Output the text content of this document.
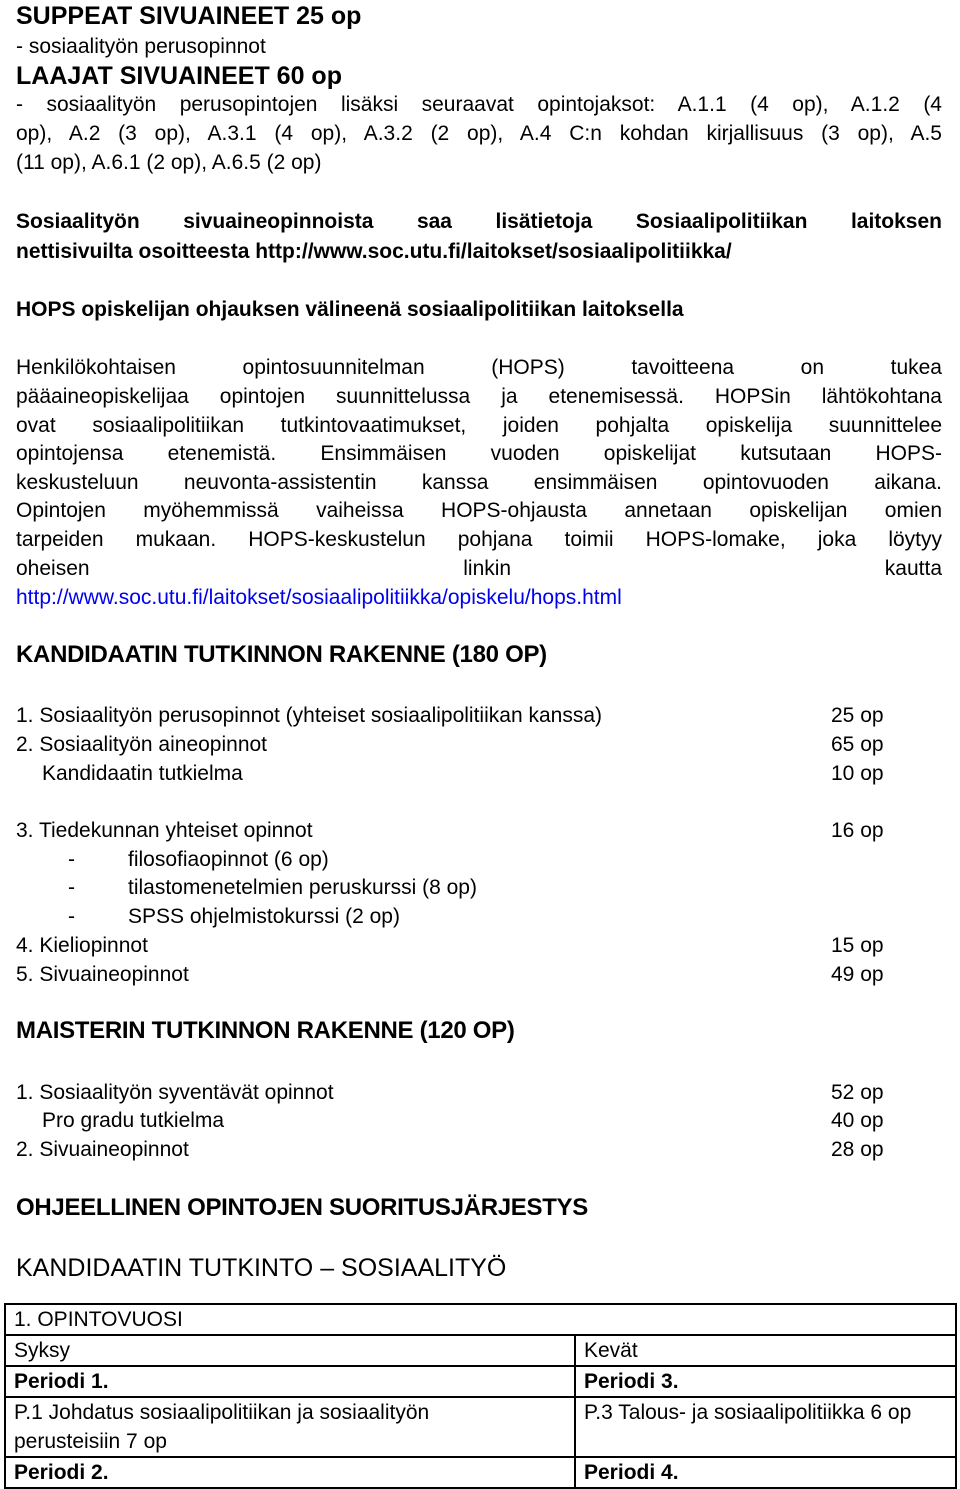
SUPPEAT SIVUAINEET 25 op
- sosiaalityön perusopinnot
LAAJAT SIVUAINEET 60 op
- sosiaalityön perusopintojen lisäksi seuraavat opintojaksot: A.1.1 (4 op), A.1.2 (4
op), A.2 (3 op), A.3.1 (4 op), A.3.2 (2 op), A.4 C:n kohdan kirjallisuus (3 op), A.5
(11 op), A.6.1 (2 op), A.6.5 (2 op)
Sosiaalityön sivuaineopinnoista saa lisätietoja Sosiaalipolitiikan laitoksen
nettisivuilta osoitteesta http://www.soc.utu.fi/laitokset/sosiaalipolitiikka/
HOPS opiskelijan ohjauksen välineenä sosiaalipolitiikan laitoksella
Henkilökohtaisen opintosuunnitelman (HOPS) tavoitteena on tukea
pääaineopiskelijaa opintojen suunnittelussa ja etenemisessä. HOPSin lähtökohtana
ovat sosiaalipolitiikan tutkintovaatimukset, joiden pohjalta opiskelija suunnittelee
opintojensa etenemistä. Ensimmäisen vuoden opiskelijat kutsutaan HOPS-
keskusteluun neuvonta-assistentin kanssa ensimmäisen opintovuoden aikana.
Opintojen myöhemmissä vaiheissa HOPS-ohjausta annetaan opiskelijan omien
tarpeiden mukaan. HOPS-keskustelun pohjana toimii HOPS-lomake, joka löytyy
oheisen linkin kautta
http://www.soc.utu.fi/laitokset/sosiaalipolitiikka/opiskelu/hops.html
KANDIDAATIN TUTKINNON RAKENNE (180 OP)
1. Sosiaalityön perusopinnot (yhteiset sosiaalipolitiikan kanssa)	25 op
2. Sosiaalityön aineopinnot	65 op
Kandidaatin tutkielma	10 op
3. Tiedekunnan yhteiset opinnot	16 op
-	filosofiaopinnot (6 op)
-	tilastomenetelmien peruskurssi (8 op)
-	SPSS ohjelmistokurssi (2 op)
4. Kieliopinnot	15 op
5. Sivuaineopinnot	49 op
MAISTERIN TUTKINNON RAKENNE (120 OP)
1. Sosiaalityön syventävät opinnot	52 op
Pro gradu tutkielma	40 op
2. Sivuaineopinnot	28 op
OHJEELLINEN OPINTOJEN SUORITUSJÄRJESTYS
KANDIDAATIN TUTKINTO – SOSIAALITYÖ
1. OPINTOVUOSI	
Syksy	Kevät
Periodi 1.	Periodi 3.
P.1 Johdatus sosiaalipolitiikan ja sosiaalityön perusteisiin 7 op	P.3 Talous- ja sosiaalipolitiikka 6 op
Periodi 2.	Periodi 4.
